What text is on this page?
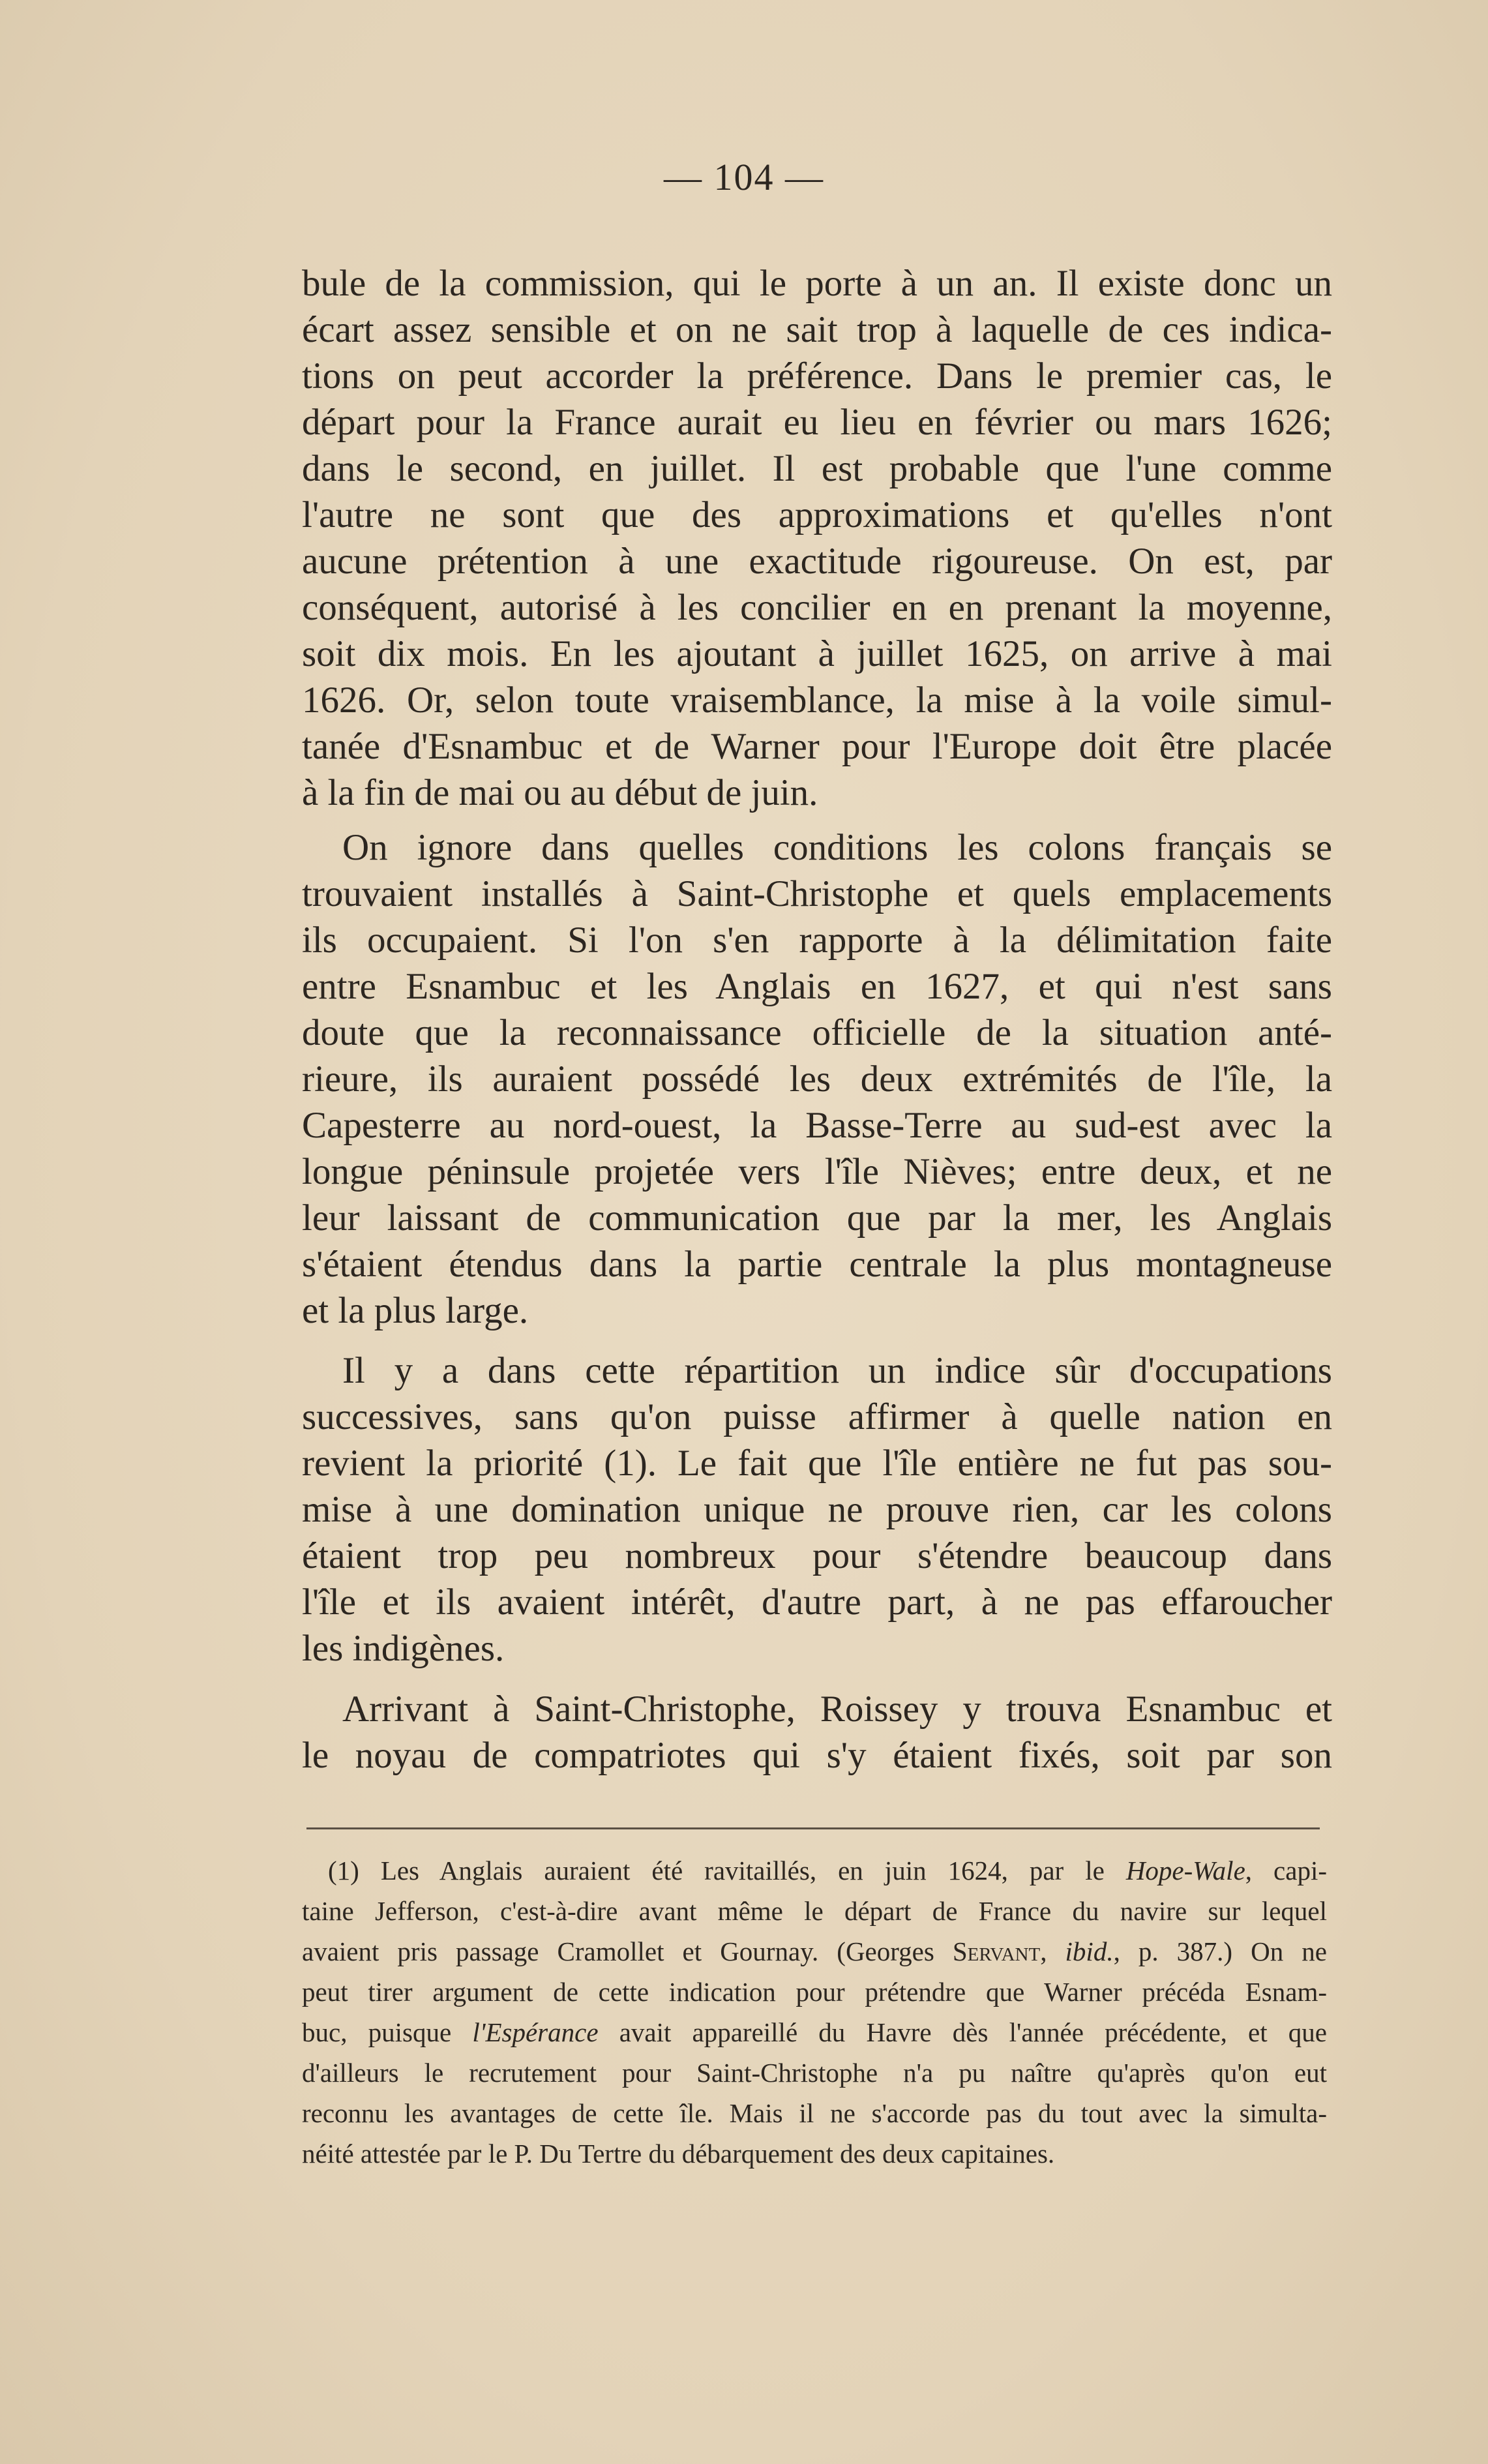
— 104 —
bule de la commission, qui le porte à un an. Il existe donc un
écart assez sensible et on ne sait trop à laquelle de ces indica-
tions on peut accorder la préférence. Dans le premier cas, le
départ pour la France aurait eu lieu en février ou mars 1626;
dans le second, en juillet. Il est probable que l'une comme
l'autre ne sont que des approximations et qu'elles n'ont
aucune prétention à une exactitude rigoureuse. On est, par
conséquent, autorisé à les concilier en en prenant la moyenne,
soit dix mois. En les ajoutant à juillet 1625, on arrive à mai
1626. Or, selon toute vraisemblance, la mise à la voile simul-
tanée d'Esnambuc et de Warner pour l'Europe doit être placée
à la fin de mai ou au début de juin.
On ignore dans quelles conditions les colons français se
trouvaient installés à Saint-Christophe et quels emplacements
ils occupaient. Si l'on s'en rapporte à la délimitation faite
entre Esnambuc et les Anglais en 1627, et qui n'est sans
doute que la reconnaissance officielle de la situation anté-
rieure, ils auraient possédé les deux extrémités de l'île, la
Capesterre au nord-ouest, la Basse-Terre au sud-est avec la
longue péninsule projetée vers l'île Nièves; entre deux, et ne
leur laissant de communication que par la mer, les Anglais
s'étaient étendus dans la partie centrale la plus montagneuse
et la plus large.
Il y a dans cette répartition un indice sûr d'occupations
successives, sans qu'on puisse affirmer à quelle nation en
revient la priorité (1). Le fait que l'île entière ne fut pas sou-
mise à une domination unique ne prouve rien, car les colons
étaient trop peu nombreux pour s'étendre beaucoup dans
l'île et ils avaient intérêt, d'autre part, à ne pas effaroucher
les indigènes.
Arrivant à Saint-Christophe, Roissey y trouva Esnambuc et
le noyau de compatriotes qui s'y étaient fixés, soit par son
(1) Les Anglais auraient été ravitaillés, en juin 1624, par le Hope-Wale, capi-
taine Jefferson, c'est-à-dire avant même le départ de France du navire sur lequel
avaient pris passage Cramollet et Gournay. (Georges Servant, ibid., p. 387.) On ne
peut tirer argument de cette indication pour prétendre que Warner précéda Esnam-
buc, puisque l'Espérance avait appareillé du Havre dès l'année précédente, et que
d'ailleurs le recrutement pour Saint-Christophe n'a pu naître qu'après qu'on eut
reconnu les avantages de cette île. Mais il ne s'accorde pas du tout avec la simulta-
néité attestée par le P. Du Tertre du débarquement des deux capitaines.
